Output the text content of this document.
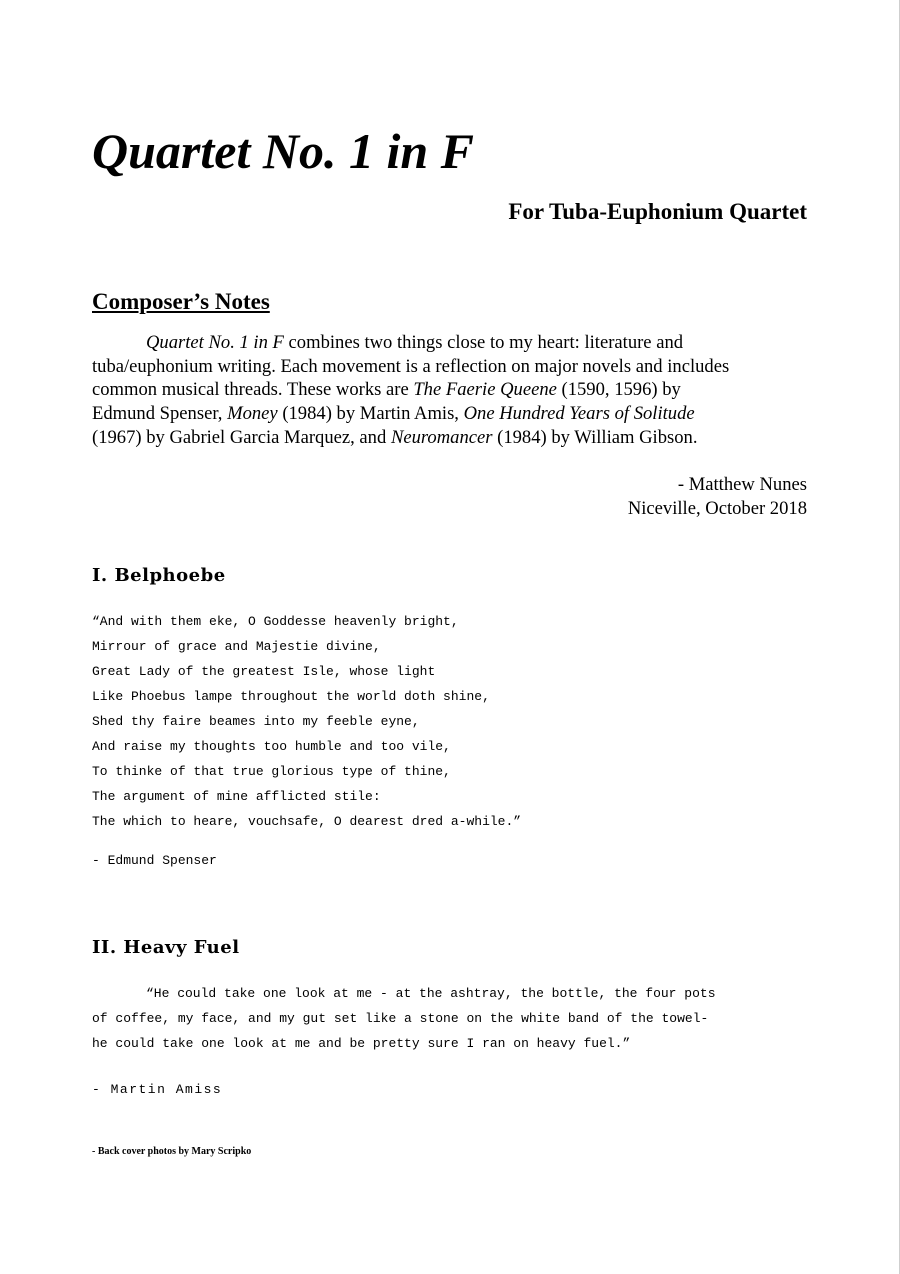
Quartet No. 1 in F
For Tuba-Euphonium Quartet
Composer’s Notes
Quartet No. 1 in F combines two things close to my heart: literature and
tuba/euphonium writing. Each movement is a reflection on major novels and includes
common musical threads. These works are The Faerie Queene (1590, 1596) by
Edmund Spenser, Money (1984) by Martin Amis, One Hundred Years of Solitude
(1967) by Gabriel Garcia Marquez, and Neuromancer (1984) by William Gibson.
- Matthew Nunes
Niceville, October 2018
I. Belphoebe
“And with them eke, O Goddesse heavenly bright,
Mirrour of grace and Majestie divine,
Great Lady of the greatest Isle, whose light
Like Phoebus lampe throughout the world doth shine,
Shed thy faire beames into my feeble eyne,
And raise my thoughts too humble and too vile,
To thinke of that true glorious type of thine,
The argument of mine afflicted stile:
The which to heare, vouchsafe, O dearest dred a-while.”

- Edmund Spenser

II. Heavy Fuel
“He could take one look at me - at the ashtray, the bottle, the four pots
of coffee, my face, and my gut set like a stone on the white band of the towel-
he could take one look at me and be pretty sure I ran on heavy fuel.”

- Martin Amiss

- Back cover photos by Mary Scripko
